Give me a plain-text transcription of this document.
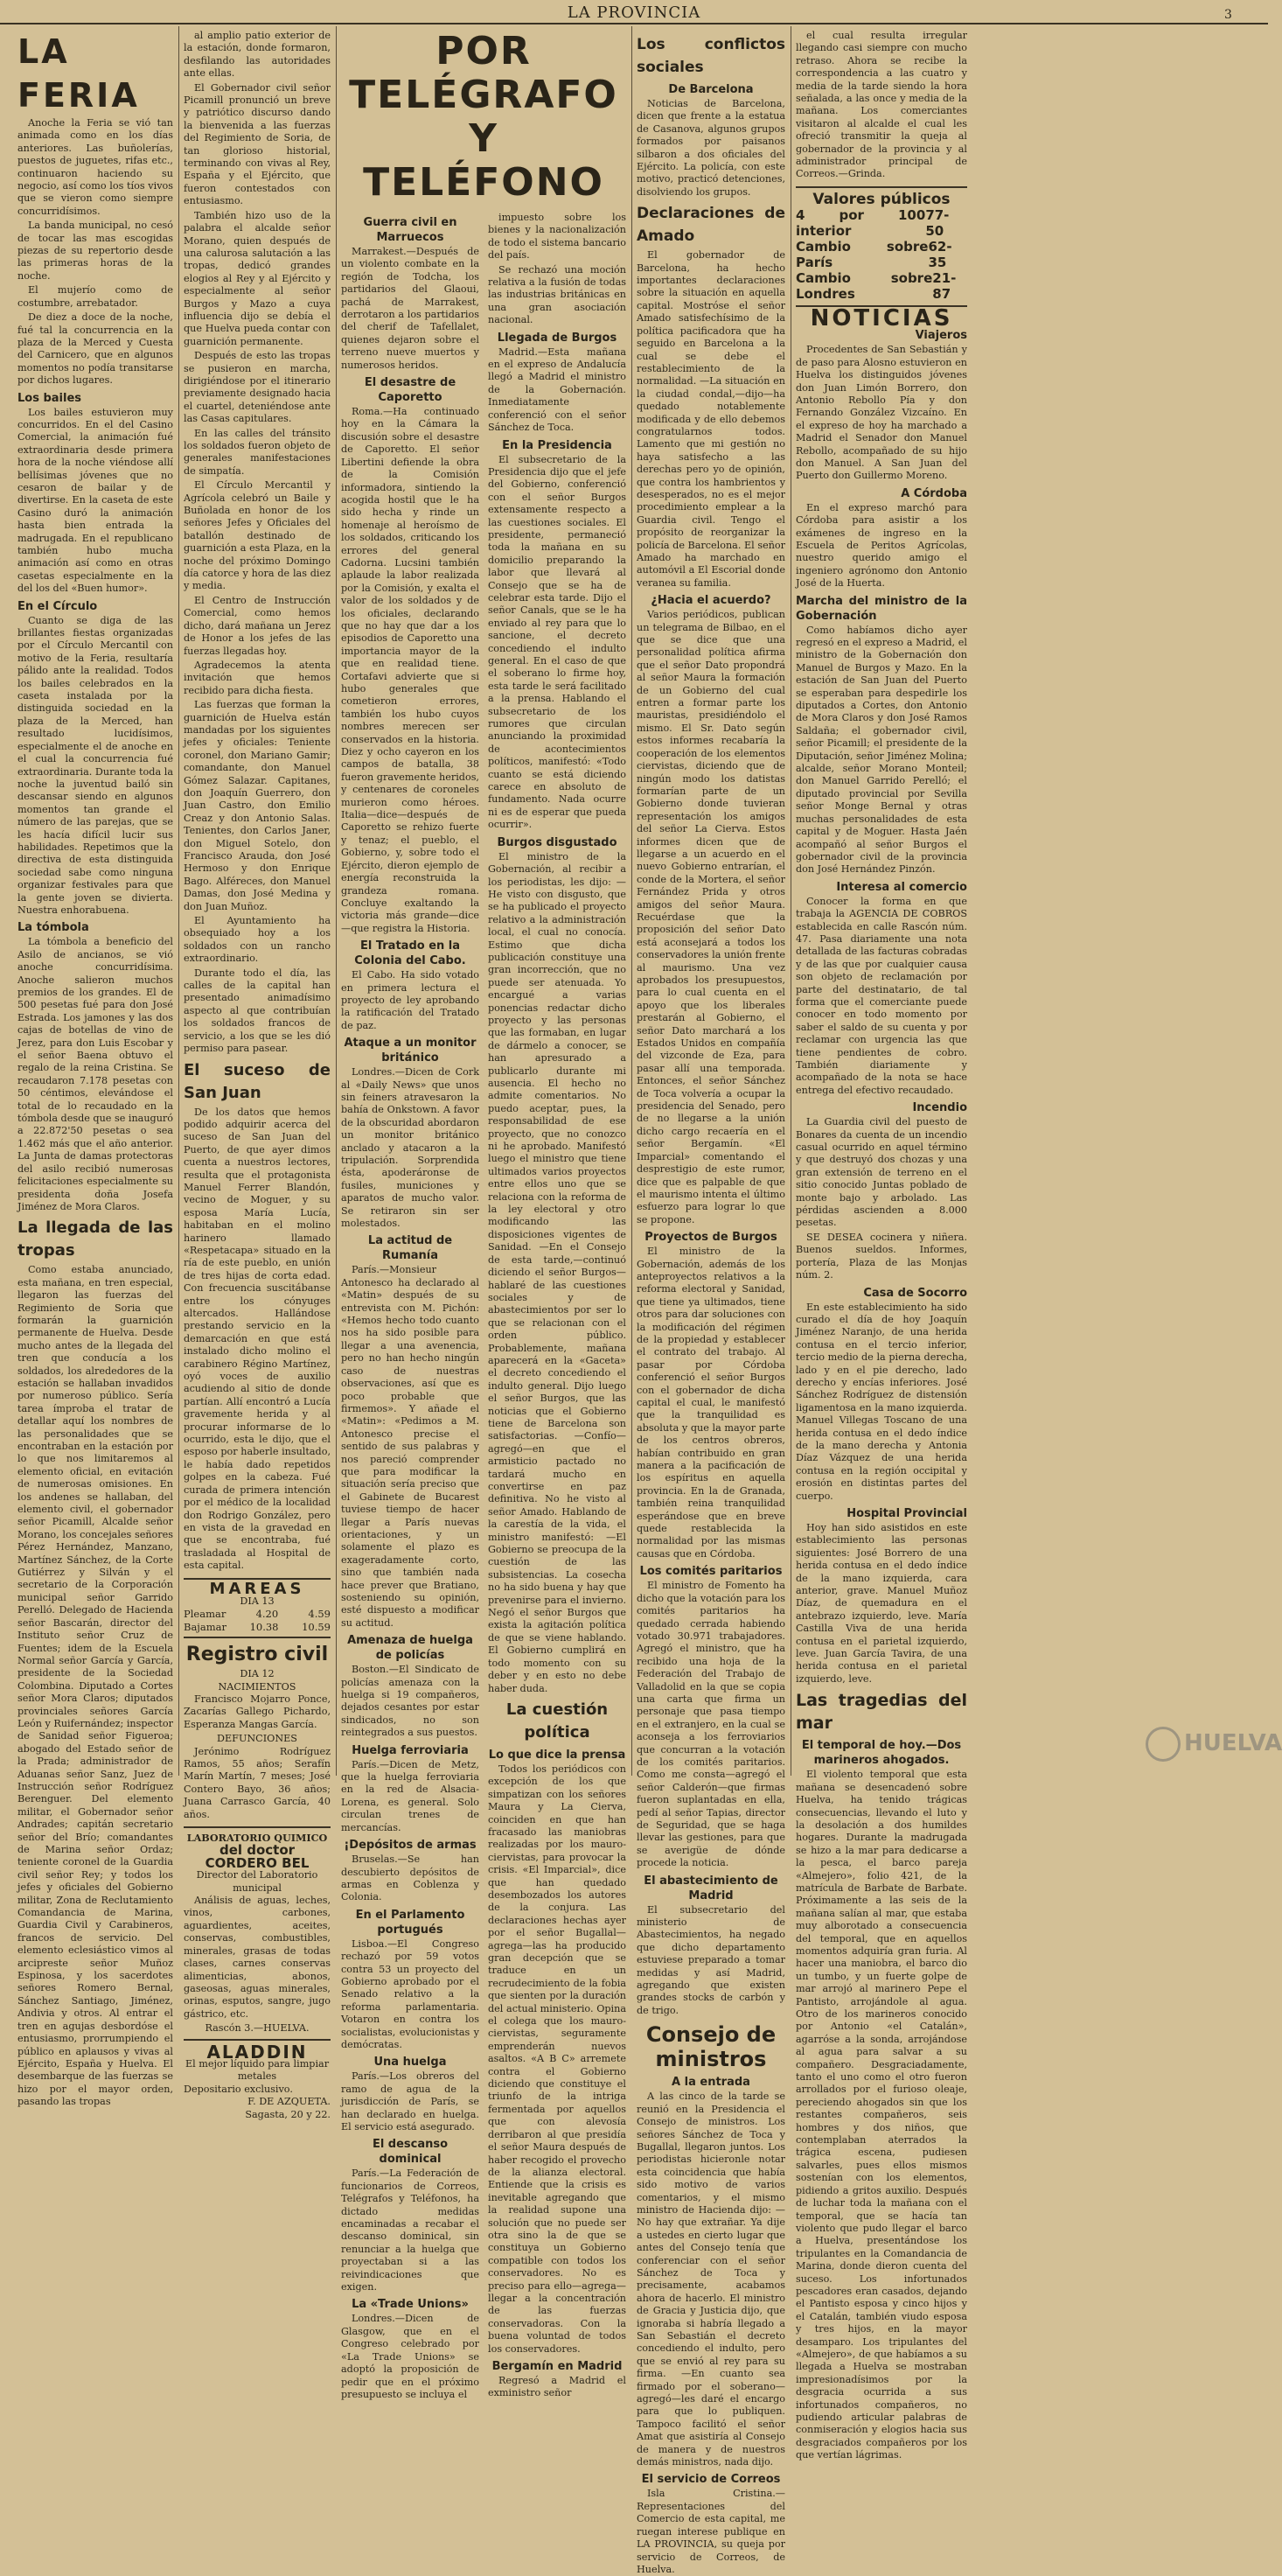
LA PROVINCIA	3
LA FERIA

Anoche la Feria se vió tan animada como en los días anteriores. Las buñolerías, puestos de juguetes, rifas etc., continuaron haciendo su negocio, así como los tíos vivos que se vieron como siempre concurridísimos.

La banda municipal, no cesó de tocar las mas escogidas piezas de su repertorio desde las primeras horas de la noche.

El mujerío como de costumbre, arrebatador.

De diez a doce de la noche, fué tal la concurrencia en la plaza de la Merced y Cuesta del Carnicero, que en algunos momentos no podía transitarse por dichos lugares.

Los bailes

Los bailes estuvieron muy concurridos. En el del Casino Comercial, la animación fué extraordinaria desde primera hora de la noche viéndose allí bellísimas jóvenes que no cesaron de bailar y de divertirse. En la caseta de este Casino duró la animación hasta bien entrada la madrugada. En el republicano también hubo mucha animación así como en otras casetas especialmente en la del los del «Buen humor».

En el Círculo

Cuanto se diga de las brillantes fiestas organizadas por el Círculo Mercantil con motivo de la Feria, resultaría pálido ante la realidad. Todos los bailes celebrados en la caseta instalada por la distinguida sociedad en la plaza de la Merced, han resultado lucidísimos, especialmente el de anoche en el cual la concurrencia fué extraordinaria. Durante toda la noche la juventud bailó sin descansar siendo en algunos momentos tan grande el número de las parejas, que se les hacía difícil lucir sus habilidades. Repetimos que la directiva de esta distinguida sociedad sabe como ninguna organizar festivales para que la gente joven se divierta. Nuestra enhorabuena.

La tómbola

La tómbola a beneficio del Asilo de ancianos, se vió anoche concurridísima. Anoche salieron muchos premios de los grandes. El de 500 pesetas fué para don José Estrada. Los jamones y las dos cajas de botellas de vino de Jerez, para don Luis Escobar y el señor Baena obtuvo el regalo de la reina Cristina. Se recaudaron 7.178 pesetas con 50 céntimos, elevándose el total de lo recaudado en la tómbola desde que se inauguró a 22.872'50 pesetas o sea 1.462 más que el año anterior. La Junta de damas protectoras del asilo recibió numerosas felicitaciones especialmente su presidenta doña Josefa Jiménez de Mora Claros.

La llegada de las tropas

Como estaba anunciado, esta mañana, en tren especial, llegaron las fuerzas del Regimiento de Soria que formarán la guarnición permanente de Huelva. Desde mucho antes de la llegada del tren que conducía a los soldados, los alrededores de la estación se hallaban invadidos por numeroso público. Sería tarea ímproba el tratar de detallar aquí los nombres de las personalidades que se encontraban en la estación por lo que nos limitaremos al elemento oficial, en evitación de numerosas omisiones. En los andenes se hallaban, del elemento civil, el gobernador señor Picamill, Alcalde señor Morano, los concejales señores Pérez Hernández, Manzano, Martínez Sánchez, de la Corte Gutiérrez y Silván y el secretario de la Corporación municipal señor Garrido Perelló. Delegado de Hacienda señor Bascarán, director del Instituto señor Cruz de Fuentes; idem de la Escuela Normal señor García y García, presidente de la Sociedad Colombina. Diputado a Cortes señor Mora Claros; diputados provinciales señores García León y Ruifernández; inspector de Sanidad señor Figueroa; abogado del Estado señor de la Prada; administrador de Aduanas señor Sanz, Juez de Instrucción señor Rodríguez Berenguer. Del elemento militar, el Gobernador señor Andrades; capitán secretario señor del Brío; comandantes de Marina señor Ordaz; teniente coronel de la Guardia civil señor Rey; y todos los jefes y oficiales del Gobierno militar, Zona de Reclutamiento Comandancia de Marina, Guardia Civil y Carabineros, francos de servicio. Del elemento eclesiástico vimos al arcipreste señor Muñoz Espinosa, y los sacerdotes señores Romero Bernal, Sánchez Santiago, Jiménez, Andivia y otros. Al entrar el tren en agujas desbordóse el entusiasmo, prorrumpiendo el público en aplausos y vivas al Ejército, España y Huelva. El desembarque de las fuerzas se hizo por el mayor orden, pasando las tropas

al amplio patio exterior de la estación, donde formaron, desfilando las autoridades ante ellas.

El Gobernador civil señor Picamill pronunció un breve y patriótico discurso dando la bienvenida a las fuerzas del Regimiento de Soria, de tan glorioso historial, terminando con vivas al Rey, España y el Ejército, que fueron contestados con entusiasmo.

También hizo uso de la palabra el alcalde señor Morano, quien después de una calurosa salutación a las tropas, dedicó grandes elogios al Rey y al Ejército y especialmente al señor Burgos y Mazo a cuya influencia dijo se debía el que Huelva pueda contar con guarnición permanente.

Después de esto las tropas se pusieron en marcha, dirigiéndose por el itinerario previamente designado hacia el cuartel, deteniéndose ante las Casas capitulares.

En las calles del tránsito los soldados fueron objeto de generales manifestaciones de simpatía.

El Círculo Mercantil y Agrícola celebró un Baile y Buñolada en honor de los señores Jefes y Oficiales del batallón destinado de guarnición a esta Plaza, en la noche del próximo Domingo día catorce y hora de las diez y media.

El Centro de Instrucción Comercial, como hemos dicho, dará mañana un Jerez de Honor a los jefes de las fuerzas llegadas hoy.

Agradecemos la atenta invitación que hemos recibido para dicha fiesta.

Las fuerzas que forman la guarnición de Huelva están mandadas por los siguientes jefes y oficiales: Teniente coronel, don Mariano Gamir; comandante, don Manuel Gómez Salazar. Capitanes, don Joaquín Guerrero, don Juan Castro, don Emilio Creaz y don Antonio Salas. Tenientes, don Carlos Janer, don Miguel Sotelo, don Francisco Arauda, don José Hermoso y don Enrique Bago. Alféreces, don Manuel Damas, don José Medina y don Juan Muñoz.

El Ayuntamiento ha obsequiado hoy a los soldados con un rancho extraordinario.

Durante todo el día, las calles de la capital han presentado animadísimo aspecto al que contribuían los soldados francos de servicio, a los que se les dió permiso para pasear.

El suceso de San Juan

De los datos que hemos podido adquirir acerca del suceso de San Juan del Puerto, de que ayer dimos cuenta a nuestros lectores, resulta que el protagonista Manuel Ferrer Blandón, vecino de Moguer, y su esposa María Lucía, habitaban en el molino harinero llamado «Respetacapa» situado en la ría de este pueblo, en unión de tres hijas de corta edad. Con frecuencia suscitábanse entre los cónyuges altercados. Hallándose prestando servicio en la demarcación en que está instalado dicho molino el carabinero Régino Martínez, oyó voces de auxilio acudiendo al sitio de donde partían. Allí encontró a Lucía gravemente herida y al procurar informarse de lo ocurrido, esta le dijo, que el esposo por haberle insultado, le había dado repetidos golpes en la cabeza. Fué curada de primera intención por el médico de la localidad don Rodrigo González, pero en vista de la gravedad en que se encontraba, fué trasladada al Hospital de esta capital.

MAREAS
DIA 13
Pleamar	4.20	4.59
Bajamar 10.38 10.59
Registro civil
DIA 12
NACIMIENTOS

Francisco Mojarro Ponce, Zacarías Gallego Pichardo, Esperanza Mangas García.

DEFUNCIONES

Jerónimo Rodríguez Ramos, 55 años; Serafín Marín Martín, 7 meses; José Contero Bayo, 36 años; Juana Carrasco García, 40 años.

LABORATORIO QUIMICO
del doctor CORDERO BEL
Director del Laboratorio municipal

Análisis de aguas, leches, vinos, carbones, aguardientes, aceites, conservas, combustibles, minerales, grasas de todas clases, carnes conservas alimenticias, abonos, gaseosas, aguas minerales, orinas, esputos, sangre, jugo gástrico, etc.

Rascón 3.—HUELVA.
ALADDIN
El mejor líquido para limpiar metales
Depositario exclusivo.
F. DE AZQUETA.
Sagasta, 20 y 22.
POR TELÉGRAFO
Y TELÉFONO
Guerra civil en Marruecos

Marrakest.—Después de un violento combate en la región de Todcha, los partidarios del Glaoui, pachá de Marrakest, derrotaron a los partidarios del cherif de Tafellalet, quienes dejaron sobre el terreno nueve muertos y numerosos heridos.

El desastre de Caporetto

Roma.—Ha continuado hoy en la Cámara la discusión sobre el desastre de Caporetto. El señor Libertini defiende la obra de la Comisión informadora, sintiendo la acogida hostil que le ha sido hecha y rinde un homenaje al heroísmo de los soldados, criticando los errores del general Cadorna. Lucsini también aplaude la labor realizada por la Comisión, y exalta el valor de los soldados y de los oficiales, declarando que no hay que dar a los episodios de Caporetto una importancia mayor de la que en realidad tiene. Cortafavi advierte que si hubo generales que cometieron errores, también los hubo cuyos nombres merecen ser conservados en la historia. Diez y ocho cayeron en los campos de batalla, 38 fueron gravemente heridos, y centenares de coroneles murieron como héroes. Italia—dice—después de Caporetto se rehizo fuerte y tenaz; el pueblo, el Gobierno, y, sobre todo el Ejército, dieron ejemplo de energía reconstruida la grandeza romana. Concluye exaltando la victoria más grande—dice—que registra la Historia.

El Tratado en la Colonia del Cabo.

El Cabo. Ha sido votado en primera lectura el proyecto de ley aprobando la ratificación del Tratado de paz.

Ataque a un monitor británico

Londres.—Dicen de Cork al «Daily News» que unos sin feiners atravesaron la bahía de Onkstown. A favor de la obscuridad abordaron un monitor británico anclado y atacaron a la tripulación. Sorprendida ésta, apoderáronse de fusiles, municiones y aparatos de mucho valor. Se retiraron sin ser molestados.

La actitud de Rumanía

París.—Monsieur Antonesco ha declarado al «Matin» después de su entrevista con M. Pichón: «Hemos hecho todo cuanto nos ha sido posible para llegar a una avenencia, pero no han hecho ningún caso de nuestras observaciones, así que es poco probable que firmemos». Y añade el «Matin»: «Pedimos a M. Antonesco precise el sentido de sus palabras y nos pareció comprender que para modificar la situación sería preciso que el Gabinete de Bucarest tuviese tiempo de hacer llegar a París nuevas orientaciones, y un solamente el plazo es exageradamente corto, sino que también nada hace prever que Bratiano, sosteniendo su opinión, esté dispuesto a modificar su actitud.

Amenaza de huelga de policías

Boston.—El Sindicato de policías amenaza con la huelga si 19 compañeros, dejados cesantes por estar sindicados, no son reintegrados a sus puestos.

Huelga ferroviaria

París.—Dicen de Metz, que la huelga ferroviaria en la red de Alsacia-Lorena, es general. Solo circulan trenes de mercancías.

¡Depósitos de armas

Bruselas.—Se han descubierto depósitos de armas en Coblenza y Colonia.

En el Parlamento portugués

Lisboa.—El Congreso rechazó por 59 votos contra 53 un proyecto del Gobierno aprobado por el Senado relativo a la reforma parlamentaria. Votaron en contra los socialistas, evolucionistas y demócratas.

Una huelga

París.—Los obreros del ramo de agua de la jurisdicción de París, se han declarado en huelga. El servicio está asegurado.

El descanso dominical

París.—La Federación de funcionarios de Correos, Telégrafos y Teléfonos, ha dictado medidas encaminadas a recabar el descanso dominical, sin renunciar a la huelga que proyectaban si a las reivindicaciones que exigen.

La «Trade Unions»

Londres.—Dicen de Glasgow, que en el Congreso celebrado por «La Trade Unions» se adoptó la proposición de pedir que en el próximo presupuesto se incluya el

impuesto sobre los bienes y la nacionalización de todo el sistema bancario del país.

Se rechazó una moción relativa a la fusión de todas las industrias británicas en una gran asociación nacional.

Llegada de Burgos

Madrid.—Esta mañana en el expreso de Andalucía llegó a Madrid el ministro de la Gobernación. Inmediatamente conferenció con el señor Sánchez de Toca.

En la Presidencia

El subsecretario de la Presidencia dijo que el jefe del Gobierno, conferenció con el señor Burgos extensamente respecto a las cuestiones sociales. El presidente, permaneció toda la mañana en su domicilio preparando la labor que llevará al Consejo que se ha de celebrar esta tarde. Dijo el señor Canals, que se le ha enviado al rey para que lo sancione, el decreto concediendo el indulto general. En el caso de que el soberano lo firme hoy, esta tarde le será facilitado a la prensa. Hablando el subsecretario de los rumores que circulan anunciando la proximidad de acontecimientos políticos, manifestó: «Todo cuanto se está diciendo carece en absoluto de fundamento. Nada ocurre ni es de esperar que pueda ocurrir».

Burgos disgustado

El ministro de la Gobernación, al recibir a los periodistas, les dijo: —He visto con disgusto, que se ha publicado el proyecto relativo a la administración local, el cual no conocía. Estimo que dicha publicación constituye una gran incorrección, que no puede ser atenuada. Yo encargué a varias ponencias redactar dicho proyecto y las personas que las formaban, en lugar de dármelo a conocer, se han apresurado a publicarlo durante mi ausencia. El hecho no admite comentarios. No puedo aceptar, pues, la responsabilidad de ese proyecto, que no conozco ni he aprobado. Manifestó luego el ministro que tiene ultimados varios proyectos entre ellos uno que se relaciona con la reforma de la ley electoral y otro modificando las disposiciones vigentes de Sanidad. —En el Consejo de esta tarde,—continuó diciendo el señor Burgos—hablaré de las cuestiones sociales y de abastecimientos por ser lo que se relacionan con el orden público. Probablemente, mañana aparecerá en la «Gaceta» el decreto concediendo el indulto general. Dijo luego el señor Burgos, que las noticias que el Gobierno tiene de Barcelona son satisfactorias. —Confío—agregó—en que el armisticio pactado no tardará mucho en convertirse en paz definitiva. No he visto al señor Amado. Hablando de la carestía de la vida, el ministro manifestó: —El Gobierno se preocupa de la cuestión de las subsistencias. La cosecha no ha sido buena y hay que prevenirse para el invierno. Negó el señor Burgos que exista la agitación política de que se viene hablando. El Gobierno cumplirá en todo momento con su deber y en esto no debe haber duda.

La cuestión política
Lo que dice la prensa

Todos los periódicos con excepción de los que simpatizan con los señores Maura y La Cierva, coinciden en que han fracasado las maniobras realizadas por los mauro-ciervistas, para provocar la crisis. «El Imparcial», dice que han quedado desembozados los autores de la conjura. Las declaraciones hechas ayer por el señor Bugallal—agrega—las ha producido gran decepción que se traduce en un recrudecimiento de la fobia que sienten por la duración del actual ministerio. Opina el colega que los mauro-ciervistas, seguramente emprenderán nuevos asaltos. «A B C» arremete contra el Gobierno diciendo que constituye el triunfo de la intriga fermentada por aquellos que con alevosía derribaron al que presidía el señor Maura después de haber recogido el provecho de la alianza electoral. Entiende que la crisis es inevitable agregando que la realidad supone una solución que no puede ser otra sino la de que se constituya un Gobierno compatible con todos los conservadores. No es preciso para ello—agrega—llegar a la concentración de las fuerzas conservadoras. Con la buena voluntad de todos los conservadores.

Bergamín en Madrid

Regresó a Madrid el exministro señor

Los conflictos sociales
De Barcelona

Noticias de Barcelona, dicen que frente a la estatua de Casanova, algunos grupos formados por paisanos silbaron a dos oficiales del Ejército. La policía, con este motivo, practicó detenciones, disolviendo los grupos.

Declaraciones de Amado

El gobernador de Barcelona, ha hecho importantes declaraciones sobre la situación en aquella capital. Mostróse el señor Amado satisfechísimo de la política pacificadora que ha seguido en Barcelona a la cual se debe el restablecimiento de la normalidad. —La situación en la ciudad condal,—dijo—ha quedado notablemente modificada y de ello debemos congratularnos todos. Lamento que mi gestión no haya satisfecho a las derechas pero yo de opinión, que contra los hambrientos y desesperados, no es el mejor procedimiento emplear a la Guardia civil. Tengo el propósito de reorganizar la policía de Barcelona. El señor Amado ha marchado en automóvil a El Escorial donde veranea su familia.

¿Hacia el acuerdo?

Varios periódicos, publican un telegrama de Bilbao, en el que se dice que una personalidad política afirma que el señor Dato propondrá al señor Maura la formación de un Gobierno del cual entren a formar parte los mauristas, presidiéndolo el mismo. El Sr. Dato según estos informes recabaría la cooperación de los elementos ciervistas, diciendo que de ningún modo los datistas formarían parte de un Gobierno donde tuvieran representación los amigos del señor La Cierva. Estos informes dicen que de llegarse a un acuerdo en el nuevo Gobierno entrarían, el conde de la Mortera, el señor Fernández Prida y otros amigos del señor Maura. Recuérdase que la proposición del señor Dato está aconsejará a todos los conservadores la unión frente al maurismo. Una vez aprobados los presupuestos, para lo cual cuenta en el apoyo que los liberales prestarán al Gobierno, el señor Dato marchará a los Estados Unidos en compañía del vizconde de Eza, para pasar allí una temporada. Entonces, el señor Sánchez de Toca volvería a ocupar la presidencia del Senado, pero de no llegarse a la unión dicho cargo recaería en el señor Bergamín. «El Imparcial» comentando el desprestigio de este rumor, dice que es palpable de que el maurismo intenta el último esfuerzo para lograr lo que se propone.

Proyectos de Burgos

El ministro de la Gobernación, además de los anteproyectos relativos a la reforma electoral y Sanidad, que tiene ya ultimados, tiene otros para dar soluciones con la modificación del régimen de la propiedad y establecer el contrato del trabajo. Al pasar por Córdoba conferenció el señor Burgos con el gobernador de dicha capital el cual, le manifestó que la tranquilidad es absoluta y que la mayor parte de los centros obreros, habían contribuido en gran manera a la pacificación de los espíritus en aquella provincia. En la de Granada, también reina tranquilidad esperándose que en breve quede restablecida la normalidad por las mismas causas que en Córdoba.

Los comités paritarios

El ministro de Fomento ha dicho que la votación para los comités paritarios ha quedado cerrada habiendo votado 30.971 trabajadores. Agregó el ministro, que ha recibido una hoja de la Federación del Trabajo de Valladolid en la que se copia una carta que firma un personaje que pasa tiempo en el extranjero, en la cual se aconseja a los ferroviarios que concurran a la votación de los comités paritarios. Como me consta—agregó el señor Calderón—que firmas fueron suplantadas en ella, pedí al señor Tapias, director de Seguridad, que se haga llevar las gestiones, para que se averigüe de dónde procede la noticia.

El abastecimiento de Madrid

El subsecretario del ministerio de Abastecimientos, ha negado que dicho departamento estuviese preparado a tomar medidas y así Madrid, agregando que existen grandes stocks de carbón y de trigo.

Consejo de ministros
A la entrada

A las cinco de la tarde se reunió en la Presidencia el Consejo de ministros. Los señores Sánchez de Toca y Bugallal, llegaron juntos. Los periodistas hicieronle notar esta coincidencia que había sido motivo de varios comentarios, y el mismo ministro de Hacienda dijo: —No hay que extrañar. Ya dije a ustedes en cierto lugar que antes del Consejo tenía que conferenciar con el señor Sánchez de Toca y precisamente, acabamos ahora de hacerlo. El ministro de Gracia y Justicia dijo, que ignoraba si habría llegado a San Sebastián el decreto concediendo el indulto, pero que se envió al rey para su firma. —En cuanto sea firmado por el soberano—agregó—les daré el encargo para que lo publiquen. Tampoco facilitó el señor Amat que asistiría al Consejo de manera y de nuestros demás ministros, nada dijo.

El servicio de Correos

Isla Cristina.—Representaciones del Comercio de esta capital, me ruegan interese publique en LA PROVINCIA, su queja por servicio de Correos, de Huelva.

el cual resulta irregular llegando casi siempre con mucho retraso. Ahora se recibe la correspondencia a las cuatro y media de la tarde siendo la hora señalada, a las once y media de la mañana. Los comerciantes visitaron al alcalde el cual les ofreció transmitir la queja al gobernador de la provincia y al administrador principal de Correos.—Grinda.

Valores públicos
4 por 100 interior
77-50
Cambio sobre París
62-35
Cambio sobre Londres
21-87
NOTICIAS
Viajeros

Procedentes de San Sebastián y de paso para Alosno estuvieron en Huelva los distinguidos jóvenes don Juan Limón Borrero, don Antonio Rebollo Pía y don Fernando González Vizcaíno. En el expreso de hoy ha marchado a Madrid el Senador don Manuel Rebollo, acompañado de su hijo don Manuel. A San Juan del Puerto don Guillermo Moreno.

A Córdoba

En el expreso marchó para Córdoba para asistir a los exámenes de ingreso en la Escuela de Peritos Agrícolas, nuestro querido amigo el ingeniero agrónomo don Antonio José de la Huerta.

Marcha del ministro de la Gobernación

Como habíamos dicho ayer regresó en el expreso a Madrid, el ministro de la Gobernación don Manuel de Burgos y Mazo. En la estación de San Juan del Puerto se esperaban para despedirle los diputados a Cortes, don Antonio de Mora Claros y don José Ramos Saldaña; el gobernador civil, señor Picamill; el presidente de la Diputación, señor Jiménez Molina; alcalde, señor Morano Monteil; don Manuel Garrido Perelló; el diputado provincial por Sevilla señor Monge Bernal y otras muchas personalidades de esta capital y de Moguer. Hasta Jaén acompañó al señor Burgos el gobernador civil de la provincia don José Hernández Pinzón.

Interesa al comercio

Conocer la forma en que trabaja la AGENCIA DE COBROS establecida en calle Rascón núm. 47. Pasa diariamente una nota detallada de las facturas cobradas y de las que por cualquier causa son objeto de reclamación por parte del destinatario, de tal forma que el comerciante puede conocer en todo momento por saber el saldo de su cuenta y por reclamar con urgencia las que tiene pendientes de cobro. También diariamente y acompañado de la nota se hace entrega del efectivo recaudado.

Incendio

La Guardia civil del puesto de Bonares da cuenta de un incendio casual ocurrido en aquel término y que destruyó dos chozas y una gran extensión de terreno en el sitio conocido Juntas poblado de monte bajo y arbolado. Las pérdidas ascienden a 8.000 pesetas.

SE DESEA cocinera y niñera. Buenos sueldos. Informes, portería, Plaza de las Monjas núm. 2.

Casa de Socorro

En este establecimiento ha sido curado el día de hoy Joaquín Jiménez Naranjo, de una herida contusa en el tercio inferior, tercio medio de la pierna derecha, lado y en el pie derecho, lado derecho y encías inferiores. José Sánchez Rodríguez de distensión ligamentosa en la mano izquierda. Manuel Villegas Toscano de una herida contusa en el dedo índice de la mano derecha y Antonia Díaz Vázquez de una herida contusa en la región occipital y erosión en distintas partes del cuerpo.

Hospital Provincial

Hoy han sido asistidos en este establecimiento las personas siguientes: José Borrero de una herida contusa en el dedo índice de la mano izquierda, cara anterior, grave. Manuel Muñoz Díaz, de quemadura en el antebrazo izquierdo, leve. María Castilla Viva de una herida contusa en el parietal izquierdo, leve. Juan García Tavira, de una herida contusa en el parietal izquierdo, leve.

Las tragedias del mar
El temporal de hoy.—Dos marineros ahogados.

El violento temporal que esta mañana se desencadenó sobre Huelva, ha tenido trágicas consecuencias, llevando el luto y la desolación a dos humildes hogares. Durante la madrugada se hizo a la mar para dedicarse a la pesca, el barco pareja «Almejero», folio 421, de la matrícula de Barbate de Barbate. Próximamente a las seis de la mañana salían al mar, que estaba muy alborotado a consecuencia del temporal, que en aquellos momentos adquiría gran furia. Al hacer una maniobra, el barco dio un tumbo, y un fuerte golpe de mar arrojó al marinero Pepe el Pantisto, arrojándole al agua. Otro de los marineros conocido por Antonio «el Catalán», agarróse a la sonda, arrojándose al agua para salvar a su compañero. Desgraciadamente, tanto el uno como el otro fueron arrollados por el furioso oleaje, pereciendo ahogados sin que los restantes compañeros, seis hombres y dos niños, que contemplaban aterrados la trágica escena, pudiesen salvarles, pues ellos mismos sostenían con los elementos, pidiendo a gritos auxilio. Después de luchar toda la mañana con el temporal, que se hacía tan violento que pudo llegar el barco a Huelva, presentándose los tripulantes en la Comandancia de Marina, donde dieron cuenta del suceso. Los infortunados pescadores eran casados, dejando el Pantisto esposa y cinco hijos y el Catalán, también viudo esposa y tres hijos, en la mayor desamparo. Los tripulantes del «Almejero», de que habíamos a su llegada a Huelva se mostraban impresionadísimos por la desgracia ocurrida a sus infortunados compañeros, no pudiendo articular palabras de conmiseración y elogios hacia sus desgraciados compañeros por los que vertían lágrimas.

HUELVA
